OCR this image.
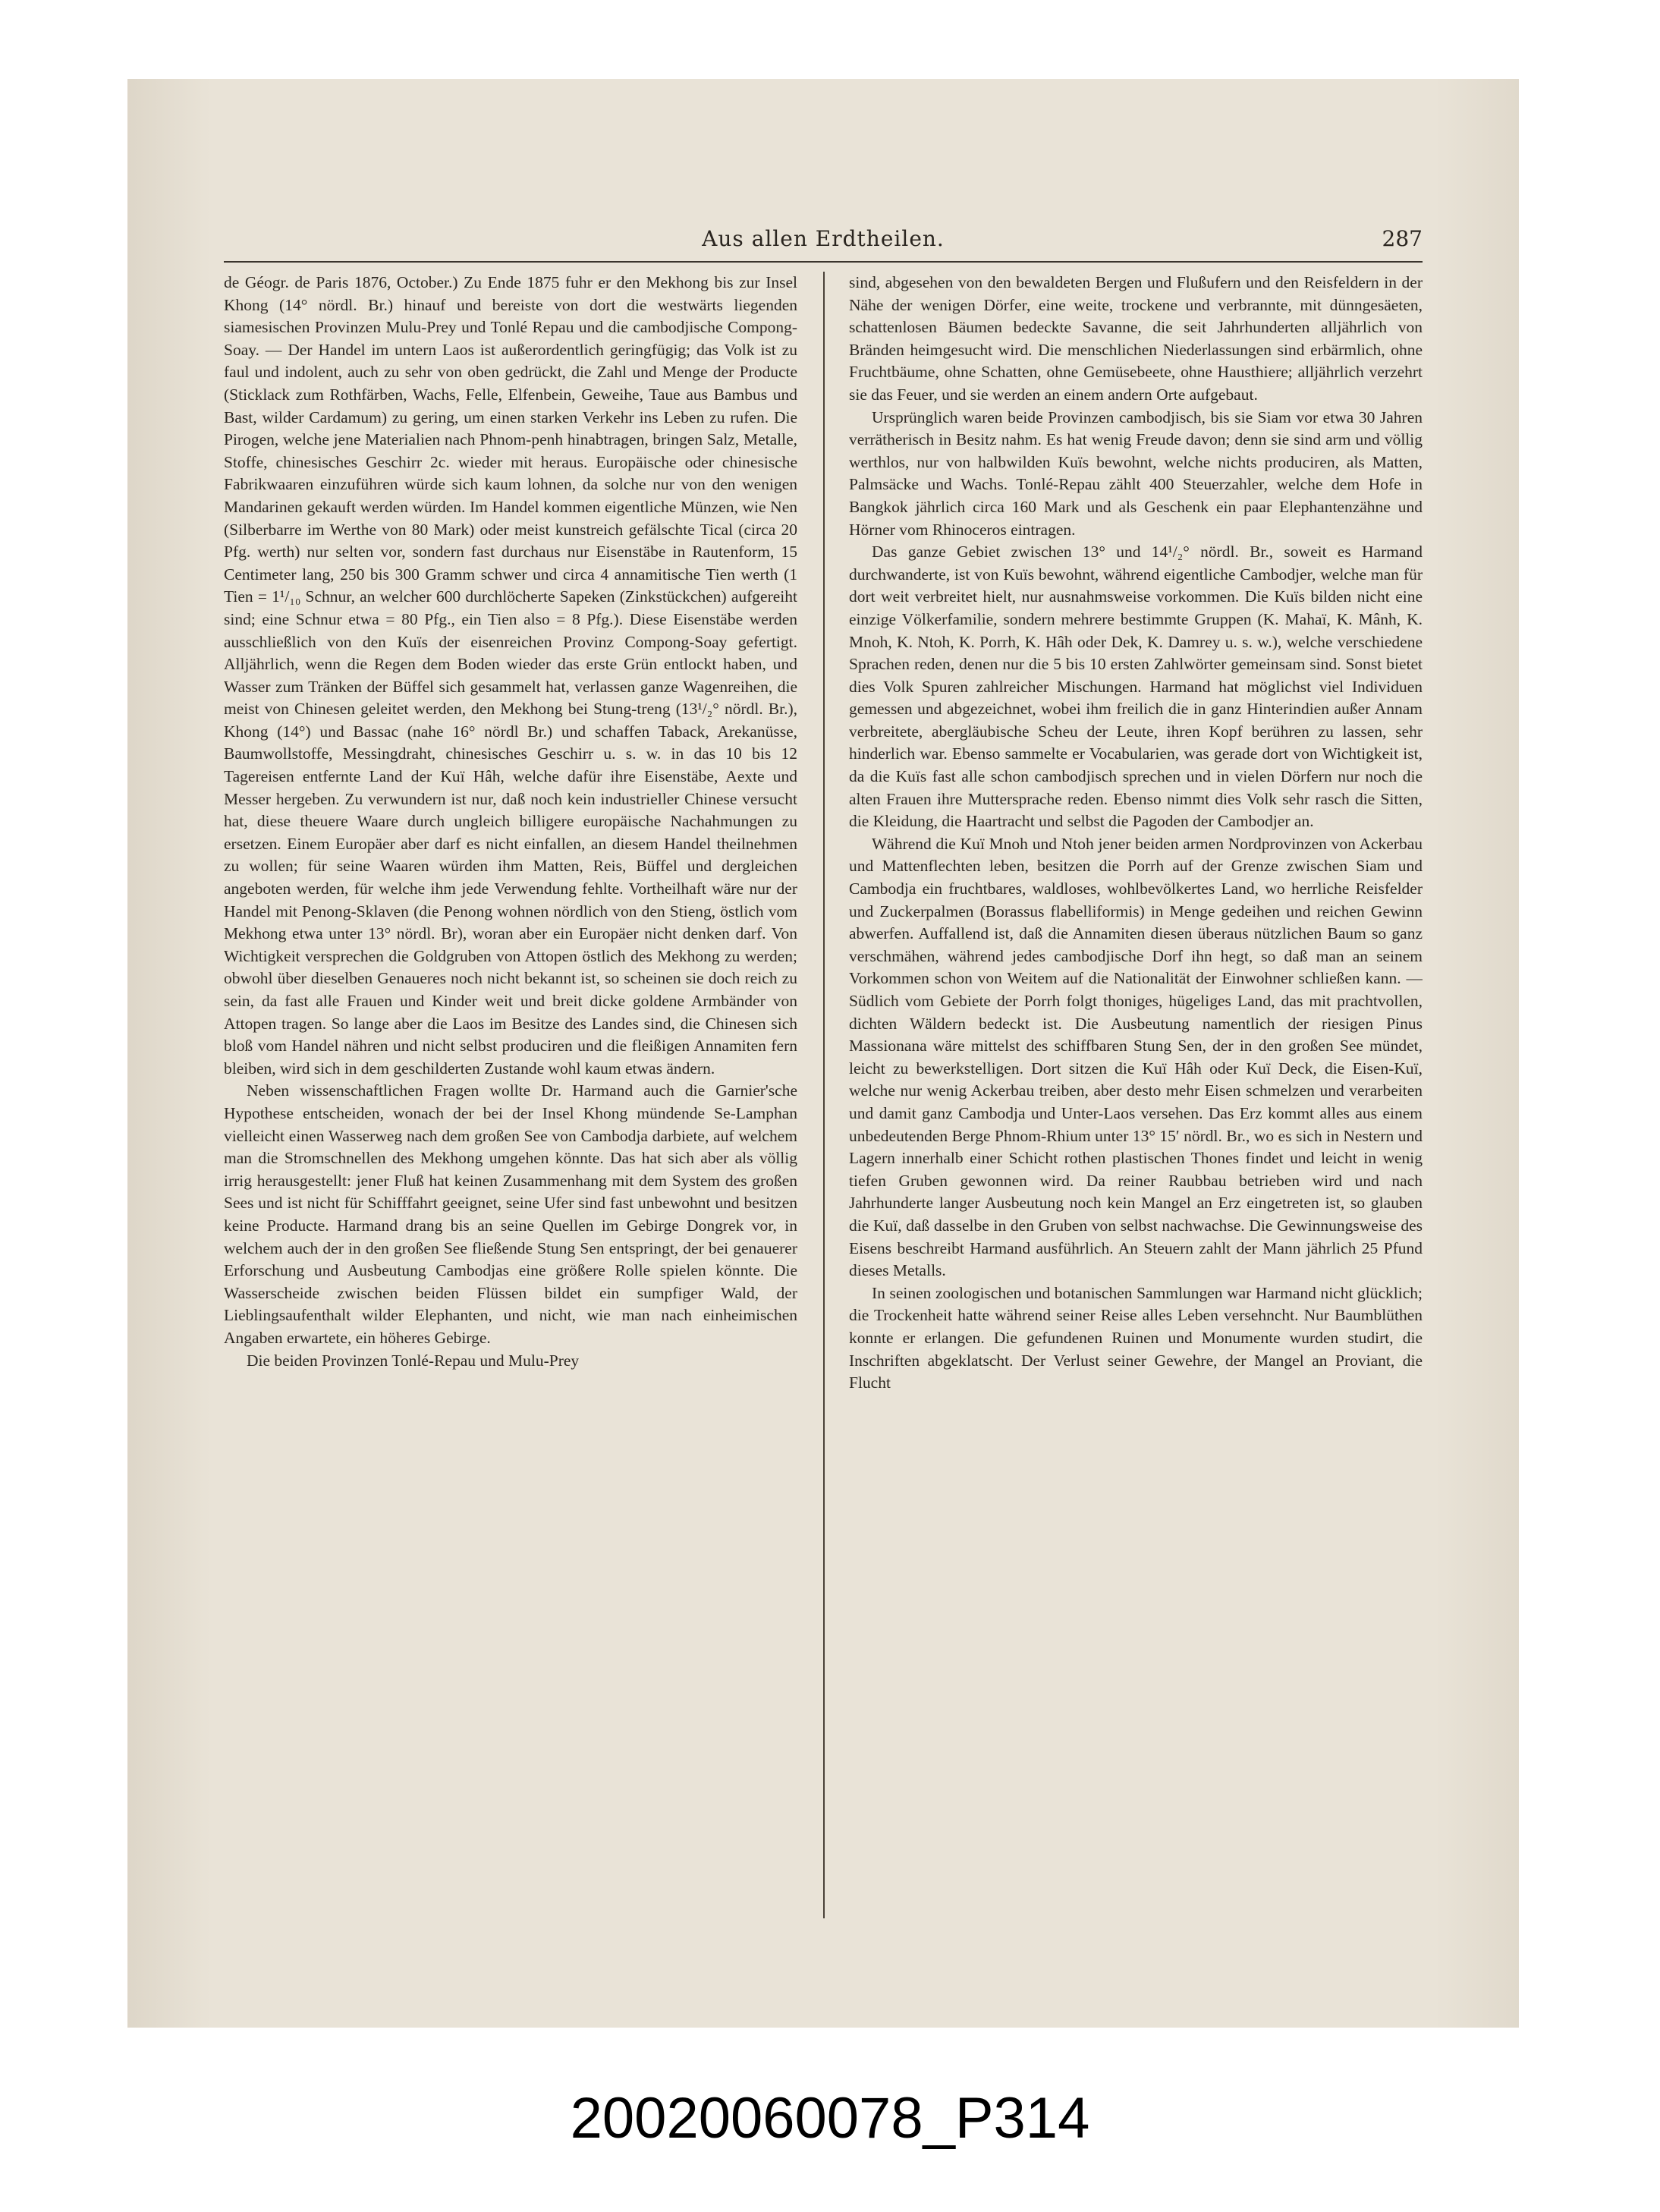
Aus allen Erdtheilen.	287

de Géogr. de Paris 1876, October.) Zu Ende 1875 fuhr er den Mekhong bis zur Insel Khong (14° nördl. Br.) hinauf und bereiste von dort die westwärts liegenden siamesischen Provinzen Mulu-Prey und Tonlé Repau und die cambodjische Compong-Soay. — Der Handel im untern Laos ist außerordentlich geringfügig; das Volk ist zu faul und indolent, auch zu sehr von oben gedrückt, die Zahl und Menge der Producte (Sticklack zum Rothfärben, Wachs, Felle, Elfenbein, Geweihe, Taue aus Bambus und Bast, wilder Cardamum) zu gering, um einen starken Verkehr ins Leben zu rufen. Die Pirogen, welche jene Materialien nach Phnom-penh hinabtragen, bringen Salz, Metalle, Stoffe, chinesisches Geschirr 2c. wieder mit heraus. Europäische oder chinesische Fabrikwaaren einzuführen würde sich kaum lohnen, da solche nur von den wenigen Mandarinen gekauft werden würden. Im Handel kommen eigentliche Münzen, wie Nen (Silberbarre im Werthe von 80 Mark) oder meist kunstreich gefälschte Tical (circa 20 Pfg. werth) nur selten vor, sondern fast durchaus nur Eisenstäbe in Rautenform, 15 Centimeter lang, 250 bis 300 Gramm schwer und circa 4 annamitische Tien werth (1 Tien = 1¹/₁₀ Schnur, an welcher 600 durchlöcherte Sapeken (Zinkstückchen) aufgereiht sind; eine Schnur etwa = 80 Pfg., ein Tien also = 8 Pfg.). Diese Eisenstäbe werden ausschließlich von den Kuïs der eisenreichen Provinz Compong-Soay gefertigt. Alljährlich, wenn die Regen dem Boden wieder das erste Grün entlockt haben, und Wasser zum Tränken der Büffel sich gesammelt hat, verlassen ganze Wagenreihen, die meist von Chinesen geleitet werden, den Mekhong bei Stung-treng (13¹/₂° nördl. Br.), Khong (14°) und Bassac (nahe 16° nördl Br.) und schaffen Taback, Arekanüsse, Baumwollstoffe, Messingdraht, chinesisches Geschirr u. s. w. in das 10 bis 12 Tagereisen entfernte Land der Kuï Hâh, welche dafür ihre Eisenstäbe, Aexte und Messer hergeben. Zu verwundern ist nur, daß noch kein industrieller Chinese versucht hat, diese theuere Waare durch ungleich billigere europäische Nachahmungen zu ersetzen. Einem Europäer aber darf es nicht einfallen, an diesem Handel theilnehmen zu wollen; für seine Waaren würden ihm Matten, Reis, Büffel und dergleichen angeboten werden, für welche ihm jede Verwendung fehlte. Vortheilhaft wäre nur der Handel mit Penong-Sklaven (die Penong wohnen nördlich von den Stieng, östlich vom Mekhong etwa unter 13° nördl. Br), woran aber ein Europäer nicht denken darf. Von Wichtigkeit versprechen die Goldgruben von Attopen östlich des Mekhong zu werden; obwohl über dieselben Genaueres noch nicht bekannt ist, so scheinen sie doch reich zu sein, da fast alle Frauen und Kinder weit und breit dicke goldene Armbänder von Attopen tragen. So lange aber die Laos im Besitze des Landes sind, die Chinesen sich bloß vom Handel nähren und nicht selbst produciren und die fleißigen Annamiten fern bleiben, wird sich in dem geschilderten Zustande wohl kaum etwas ändern.

Neben wissenschaftlichen Fragen wollte Dr. Harmand auch die Garnier'sche Hypothese entscheiden, wonach der bei der Insel Khong mündende Se-Lamphan vielleicht einen Wasserweg nach dem großen See von Cambodja darbiete, auf welchem man die Stromschnellen des Mekhong umgehen könnte. Das hat sich aber als völlig irrig herausgestellt: jener Fluß hat keinen Zusammenhang mit dem System des großen Sees und ist nicht für Schifffahrt geeignet, seine Ufer sind fast unbewohnt und besitzen keine Producte. Harmand drang bis an seine Quellen im Gebirge Dongrek vor, in welchem auch der in den großen See fließende Stung Sen entspringt, der bei genauerer Erforschung und Ausbeutung Cambodjas eine größere Rolle spielen könnte. Die Wasserscheide zwischen beiden Flüssen bildet ein sumpfiger Wald, der Lieblingsaufenthalt wilder Elephanten, und nicht, wie man nach einheimischen Angaben erwartete, ein höheres Gebirge.

Die beiden Provinzen Tonlé-Repau und Mulu-Prey

sind, abgesehen von den bewaldeten Bergen und Flußufern und den Reisfeldern in der Nähe der wenigen Dörfer, eine weite, trockene und verbrannte, mit dünngesäeten, schattenlosen Bäumen bedeckte Savanne, die seit Jahrhunderten alljährlich von Bränden heimgesucht wird. Die menschlichen Niederlassungen sind erbärmlich, ohne Fruchtbäume, ohne Schatten, ohne Gemüsebeete, ohne Hausthiere; alljährlich verzehrt sie das Feuer, und sie werden an einem andern Orte aufgebaut.

Ursprünglich waren beide Provinzen cambodjisch, bis sie Siam vor etwa 30 Jahren verrätherisch in Besitz nahm. Es hat wenig Freude davon; denn sie sind arm und völlig werthlos, nur von halbwilden Kuïs bewohnt, welche nichts produciren, als Matten, Palmsäcke und Wachs. Tonlé-Repau zählt 400 Steuerzahler, welche dem Hofe in Bangkok jährlich circa 160 Mark und als Geschenk ein paar Elephantenzähne und Hörner vom Rhinoceros eintragen.

Das ganze Gebiet zwischen 13° und 14¹/₂° nördl. Br., soweit es Harmand durchwanderte, ist von Kuïs bewohnt, während eigentliche Cambodjer, welche man für dort weit verbreitet hielt, nur ausnahmsweise vorkommen. Die Kuïs bilden nicht eine einzige Völkerfamilie, sondern mehrere bestimmte Gruppen (K. Mahaï, K. Mânh, K. Mnoh, K. Ntoh, K. Porrh, K. Hâh oder Dek, K. Damrey u. s. w.), welche verschiedene Sprachen reden, denen nur die 5 bis 10 ersten Zahlwörter gemeinsam sind. Sonst bietet dies Volk Spuren zahlreicher Mischungen. Harmand hat möglichst viel Individuen gemessen und abgezeichnet, wobei ihm freilich die in ganz Hinterindien außer Annam verbreitete, abergläubische Scheu der Leute, ihren Kopf berühren zu lassen, sehr hinderlich war. Ebenso sammelte er Vocabularien, was gerade dort von Wichtigkeit ist, da die Kuïs fast alle schon cambodjisch sprechen und in vielen Dörfern nur noch die alten Frauen ihre Muttersprache reden. Ebenso nimmt dies Volk sehr rasch die Sitten, die Kleidung, die Haartracht und selbst die Pagoden der Cambodjer an.

Während die Kuï Mnoh und Ntoh jener beiden armen Nordprovinzen von Ackerbau und Mattenflechten leben, besitzen die Porrh auf der Grenze zwischen Siam und Cambodja ein fruchtbares, waldloses, wohlbevölkertes Land, wo herrliche Reisfelder und Zuckerpalmen (Borassus flabelliformis) in Menge gedeihen und reichen Gewinn abwerfen. Auffallend ist, daß die Annamiten diesen überaus nützlichen Baum so ganz verschmähen, während jedes cambodjische Dorf ihn hegt, so daß man an seinem Vorkommen schon von Weitem auf die Nationalität der Einwohner schließen kann. — Südlich vom Gebiete der Porrh folgt thoniges, hügeliges Land, das mit prachtvollen, dichten Wäldern bedeckt ist. Die Ausbeutung namentlich der riesigen Pinus Massionana wäre mittelst des schiffbaren Stung Sen, der in den großen See mündet, leicht zu bewerkstelligen. Dort sitzen die Kuï Hâh oder Kuï Deck, die Eisen-Kuï, welche nur wenig Ackerbau treiben, aber desto mehr Eisen schmelzen und verarbeiten und damit ganz Cambodja und Unter-Laos versehen. Das Erz kommt alles aus einem unbedeutenden Berge Phnom-Rhium unter 13° 15′ nördl. Br., wo es sich in Nestern und Lagern innerhalb einer Schicht rothen plastischen Thones findet und leicht in wenig tiefen Gruben gewonnen wird. Da reiner Raubbau betrieben wird und nach Jahrhunderte langer Ausbeutung noch kein Mangel an Erz eingetreten ist, so glauben die Kuï, daß dasselbe in den Gruben von selbst nachwachse. Die Gewinnungsweise des Eisens beschreibt Harmand ausführlich. An Steuern zahlt der Mann jährlich 25 Pfund dieses Metalls.

In seinen zoologischen und botanischen Sammlungen war Harmand nicht glücklich; die Trockenheit hatte während seiner Reise alles Leben versehncht. Nur Baumblüthen konnte er erlangen. Die gefundenen Ruinen und Monumente wurden studirt, die Inschriften abgeklatscht. Der Verlust seiner Gewehre, der Mangel an Proviant, die Flucht

20020060078_P314
